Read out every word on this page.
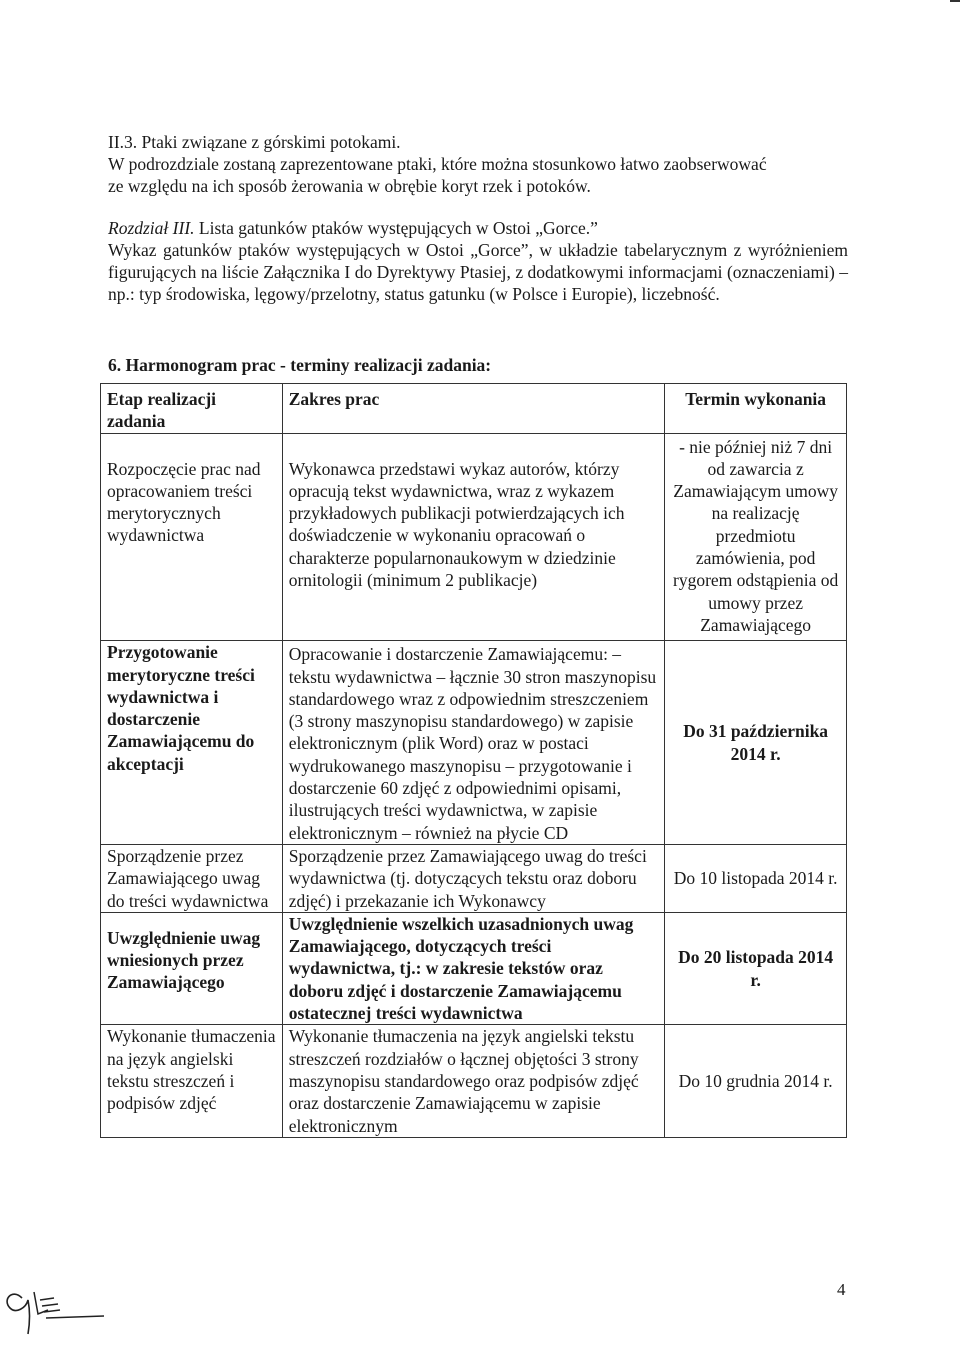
II.3. Ptaki związane z górskimi potokami.
W podrozdziale zostaną zaprezentowane ptaki, które można stosunkowo łatwo zaobserwować
ze względu na ich sposób żerowania w obrębie koryt rzek i potoków.
Rozdział III. Lista gatunków ptaków występujących w Ostoi „Gorce.”
Wykaz gatunków ptaków występujących w Ostoi „Gorce”, w układzie tabelarycznym z wyróżnieniem figurujących na liście Załącznika I do Dyrektywy Ptasiej, z dodatkowymi informacjami (oznaczeniami) – np.: typ środowiska, lęgowy/przelotny, status gatunku (w Polsce i Europie), liczebność.
6. Harmonogram prac - terminy realizacji zadania:
Etap realizacji zadania	Zakres prac	Termin wykonania
Rozpoczęcie prac nad opracowaniem treści merytorycznych wydawnictwa	Wykonawca przedstawi wykaz autorów, którzy opracują tekst wydawnictwa, wraz z wykazem przykładowych publikacji potwierdzających ich doświadczenie w wykonaniu opracowań o charakterze popularnonaukowym w dziedzinie ornitologii (minimum 2 publikacje)	- nie później niż 7 dni od zawarcia z Zamawiającym umowy na realizację przedmiotu zamówienia, pod rygorem odstąpienia od umowy przez Zamawiającego
Przygotowanie merytoryczne treści wydawnictwa i dostarczenie Zamawiającemu do akceptacji	Opracowanie i dostarczenie Zamawiającemu: – tekstu wydawnictwa – łącznie 30 stron maszynopisu standardowego wraz z odpowiednim streszczeniem (3 strony maszynopisu standardowego) w zapisie elektronicznym (plik Word) oraz w postaci wydrukowanego maszynopisu – przygotowanie i dostarczenie 60 zdjęć z odpowiednimi opisami, ilustrujących treści wydawnictwa, w zapisie elektronicznym – również na płycie CD	Do 31 października 2014 r.
Sporządzenie przez Zamawiającego uwag do treści wydawnictwa	Sporządzenie przez Zamawiającego uwag do treści wydawnictwa (tj. dotyczących tekstu oraz doboru zdjęć) i przekazanie ich Wykonawcy	Do 10 listopada 2014 r.
Uwzględnienie uwag wniesionych przez Zamawiającego	Uwzględnienie wszelkich uzasadnionych uwag Zamawiającego, dotyczących treści wydawnictwa, tj.: w zakresie tekstów oraz doboru zdjęć i dostarczenie Zamawiającemu ostatecznej treści wydawnictwa	Do 20 listopada 2014 r.
Wykonanie tłumaczenia na język angielski tekstu streszczeń i podpisów zdjęć	Wykonanie tłumaczenia na język angielski tekstu streszczeń rozdziałów o łącznej objętości 3 strony maszynopisu standardowego oraz podpisów zdjęć oraz dostarczenie Zamawiającemu w zapisie elektronicznym	Do 10 grudnia 2014 r.
4
